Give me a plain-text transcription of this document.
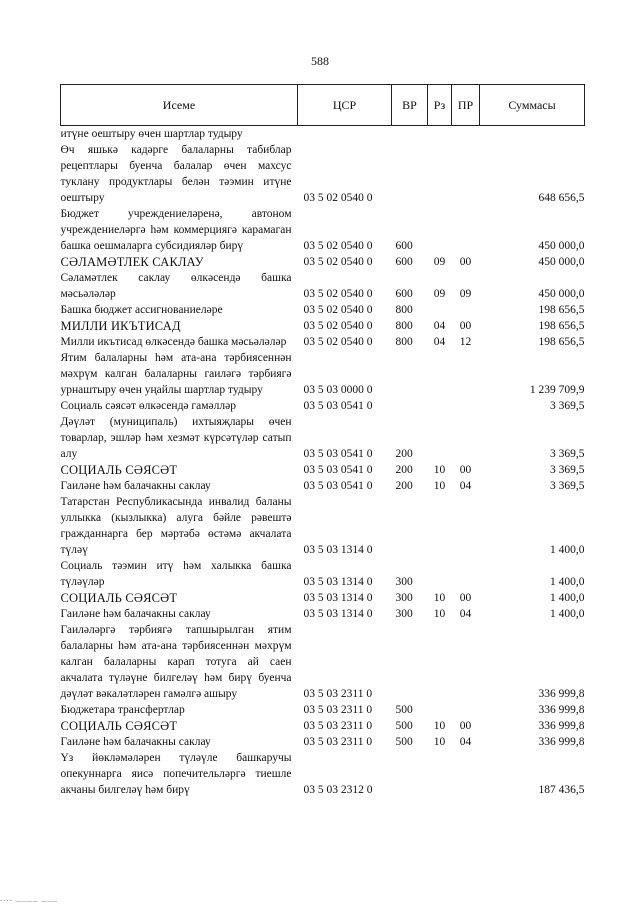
588
Исеме	ЦСР	ВР	Рз	ПР	Суммасы
итүне оештыру өчен шартлар тудыру					
Өч яшькә кадәрге балаларны табиблар рецептлары буенча балалар өчен махсус туклану продуктлары белән тәэмин итүне оештыру	03 5 02 0540 0				648 656,5
Бюджет учреждениеләренә, автоном учреждениеләргә һәм коммерциягә карамаган башка оешмаларга субсидияләр бирү	03 5 02 0540 0	600			450 000,0
СӘЛАМӘТЛЕК САКЛАУ	03 5 02 0540 0	600	09	00	450 000,0
Сәламәтлек саклау өлкәсендә башка мәсьәләләр	03 5 02 0540 0	600	09	09	450 000,0
Башка бюджет ассигнованиеләре	03 5 02 0540 0	800			198 656,5
МИЛЛИ ИКЪТИСАД	03 5 02 0540 0	800	04	00	198 656,5
Милли икътисад өлкәсендә башка мәсьәләләр	03 5 02 0540 0	800	04	12	198 656,5
Ятим балаларны һәм ата-ана тәрбиясеннән мәхрүм калган балаларны гаиләгә тәрбиягә урнаштыру өчен уңайлы шартлар тудыру	03 5 03 0000 0				1 239 709,9
Социаль сәясәт өлкәсендә гамәлләр	03 5 03 0541 0				3 369,5
Дәүләт (муниципаль) ихтыяҗлары өчен товарлар, эшләр һәм хезмәт күрсәтүләр сатып алу	03 5 03 0541 0	200			3 369,5
СОЦИАЛЬ СӘЯСӘТ	03 5 03 0541 0	200	10	00	3 369,5
Гаиләне һәм балачакны саклау	03 5 03 0541 0	200	10	04	3 369,5
Татарстан Республикасында инвалид баланы уллыкка (кызлыкка) алуга бәйле рәвештә гражданнарга бер мәртәбә өстәмә акчалата түләү	03 5 03 1314 0				1 400,0
Социаль тәэмин итү һәм халыкка башка түләүләр	03 5 03 1314 0	300			1 400,0
СОЦИАЛЬ СӘЯСӘТ	03 5 03 1314 0	300	10	00	1 400,0
Гаиләне һәм балачакны саклау	03 5 03 1314 0	300	10	04	1 400,0
Гаиләләргә тәрбиягә тапшырылган ятим балаларны һәм ата-ана тәрбиясеннән мәхрүм калган балаларны карап тотуга ай саен акчалата түләүне билгеләү һәм бирү буенча дәүләт вәкаләтләрен гамәлгә ашыру	03 5 03 2311 0				336 999,8
Бюджетара трансфертлар	03 5 03 2311 0	500			336 999,8
СОЦИАЛЬ СӘЯСӘТ	03 5 03 2311 0	500	10	00	336 999,8
Гаиләне һәм балачакны саклау	03 5 03 2311 0	500	10	04	336 999,8
Үз йөкләмәләрен түләүле башкаручы опекуннарга яисә попечительләргә тиешле акчаны билгеләү һәм бирү	03 5 03 2312 0				187 436,5
.... ____ ___
